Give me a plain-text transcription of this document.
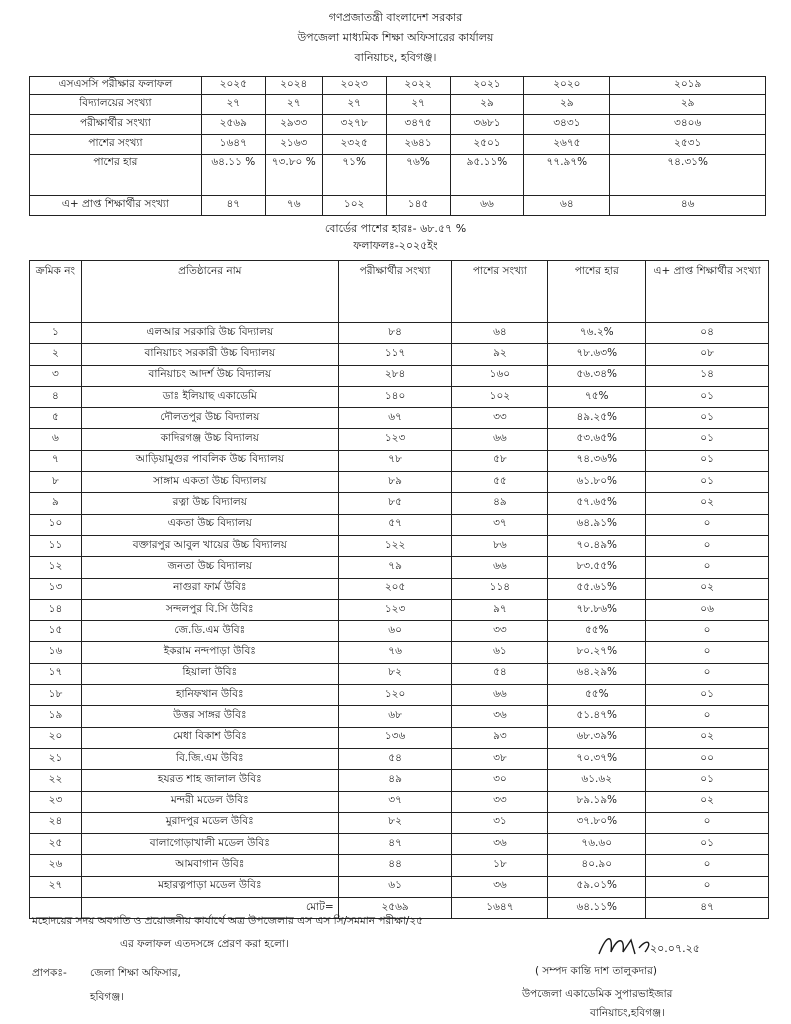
গণপ্রজাতন্ত্রী বাংলাদেশ সরকার
উপজেলা মাধ্যমিক শিক্ষা অফিসারের কার্যালয়
বানিয়াচং, হবিগঞ্জ।
এসএসসি পরীক্ষার ফলাফল	২০২৫	২০২৪	২০২৩	২০২২	২০২১	২০২০	২০১৯
বিদ্যালয়ের সংখ্যা	২৭	২৭	২৭	২৭	২৯	২৯	২৯
পরীক্ষার্থীর সংখ্যা	২৫৬৯	২৯৩৩	৩২৭৮	৩৪৭৫	৩৬৮১	৩৪৩১	৩৪০৬
পাশের সংখ্যা	১৬৪৭	২১৬৩	২৩২৫	২৬৪১	২৫০১	২৬৭৫	২৫৩১
পাশের হার	৬৪.১১ %	৭৩.৮০ %	৭১%	৭৬%	৯৫.১১%	৭৭.৯৭%	৭৪.৩১%
এ+ প্রাপ্ত শিক্ষার্থীর সংখ্যা	৪৭	৭৬	১০২	১৪৫	৬৬	৬৪	৪৬
বোর্ডের পাশের হারঃ- ৬৮.৫৭ %
ফলাফলঃ-২০২৫ইং
ক্রমিক নং	প্রতিষ্ঠানের নাম	পরীক্ষার্থীর সংখ্যা	পাশের সংখ্যা	পাশের হার	এ+ প্রাপ্ত শিক্ষার্থীর সংখ্যা
১	এলআর সরকারি উচ্চ বিদ্যালয়	৮৪	৬৪	৭৬.২%	০৪
২	বানিয়াচং সরকারী উচ্চ বিদ্যালয়	১১৭	৯২	৭৮.৬৩%	০৮
৩	বানিয়াচং আদর্শ উচ্চ বিদ্যালয়	২৮৪	১৬০	৫৬.৩৪%	১৪
৪	ডাঃ ইলিয়াছ একাডেমি	১৪০	১০২	৭৫%	০১
৫	দৌলতপুর উচ্চ বিদ্যালয়	৬৭	৩৩	৪৯.২৫%	০১
৬	কাদিরগঞ্জ উচ্চ বিদ্যালয়	১২৩	৬৬	৫৩.৬৫%	০১
৭	আড়িয়ামুগুর পাবলিক উচ্চ বিদ্যালয়	৭৮	৫৮	৭৪.৩৬%	০১
৮	সাঙ্গাম একতা উচ্চ বিদ্যালয়	৮৯	৫৫	৬১.৮০%	০১
৯	রত্না উচ্চ বিদ্যালয়	৮৫	৪৯	৫৭.৬৫%	০২
১০	একতা উচ্চ বিদ্যালয়	৫৭	৩৭	৬৪.৯১%	০
১১	বক্তারপুর আবুল খায়ের উচ্চ বিদ্যালয়	১২২	৮৬	৭০.৪৯%	০
১২	জনতা উচ্চ বিদ্যালয়	৭৯	৬৬	৮৩.৫৫%	০
১৩	নাগুরা ফার্ম উবিঃ	২০৫	১১৪	৫৫.৬১%	০২
১৪	সন্দলপুর বি.সি উবিঃ	১২৩	৯৭	৭৮.৮৬%	০৬
১৫	জে.ডি.এম উবিঃ	৬০	৩৩	৫৫%	০
১৬	ইকরাম নন্দপাড়া উবিঃ	৭৬	৬১	৮০.২৭%	০
১৭	হিয়ালা উবিঃ	৮২	৫৪	৬৪.২৯%	০
১৮	হানিফখান উবিঃ	১২০	৬৬	৫৫%	০১
১৯	উত্তর সাঙ্গর উবিঃ	৬৮	৩৬	৫১.৪৭%	০
২০	মেধা বিকাশ উবিঃ	১৩৬	৯৩	৬৮.৩৯%	০২
২১	বি.জি.এম উবিঃ	৫৪	৩৮	৭০.৩৭%	০০
২২	হযরত শাহ জালাল উবিঃ	৪৯	৩০	৬১.৬২	০১
২৩	মন্দরী মডেল উবিঃ	৩৭	৩৩	৮৯.১৯%	০২
২৪	মুরাদপুর মডেল উবিঃ	৮২	৩১	৩৭.৮০%	০
২৫	বালাগোড়াখালী মডেল উবিঃ	৪৭	৩৬	৭৬.৬০	০১
২৬	আমবাগান উবিঃ	৪৪	১৮	৪০.৯০	০
২৭	মহারত্নপাড়া মডেল উবিঃ	৬১	৩৬	৫৯.০১%	০
	মোট=	২৫৬৯	১৬৪৭	৬৪.১১%	৪৭
মহোদয়ের সদয় অবগতি ও প্রয়োজনীয় কার্যার্থে অত্র উপজেলার এস এস সি/সমমান পরীক্ষা/২৫
এর ফলাফল এতদসঙ্গে প্রেরণ করা হলো।	২০.০৭.২৫
( সম্পদ কান্তি দাশ তালুকদার)
উপজেলা একাডেমিক সুপারভাইজার
বানিয়াচং,হবিগঞ্জ।
প্রাপকঃ- জেলা শিক্ষা অফিসার,
হবিগঞ্জ।
